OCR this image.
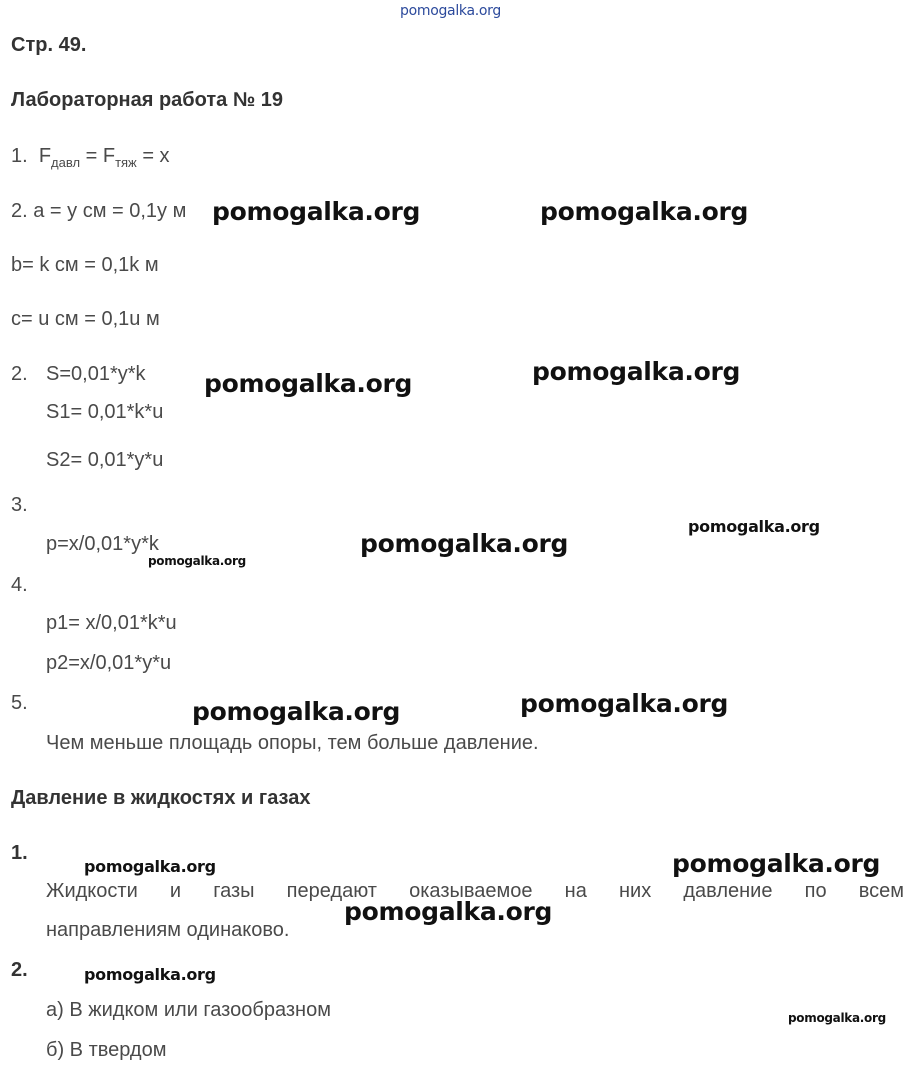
pomogalka.org
Стр. 49.
Лабораторная работа № 19
1. $F_{давл} = F_{тяж} = x$
2. a = y см = 0,1y м
b= k см = 0,1k м
c= u см = 0,1u м
2. S=0,01*y*k
S1= 0,01*k*u
S2= 0,01*y*u
3.
p=x/0,01*y*k
4.
p1= x/0,01*k*u
p2=x/0,01*y*u
5.
Чем меньше площадь опоры, тем больше давление.
Давление в жидкостях и газах
1.
Жидкости и газы передают оказываемое на них давление по всем
направлениям одинаково.
2.
а) В жидком или газообразном
б) В твердом
pomogalka.org	pomogalka.org
pomogalka.org	pomogalka.org
pomogalka.org
pomogalka.org
pomogalka.org
pomogalka.org	pomogalka.org
pomogalka.org	pomogalka.org
pomogalka.org
pomogalka.org
pomogalka.org
